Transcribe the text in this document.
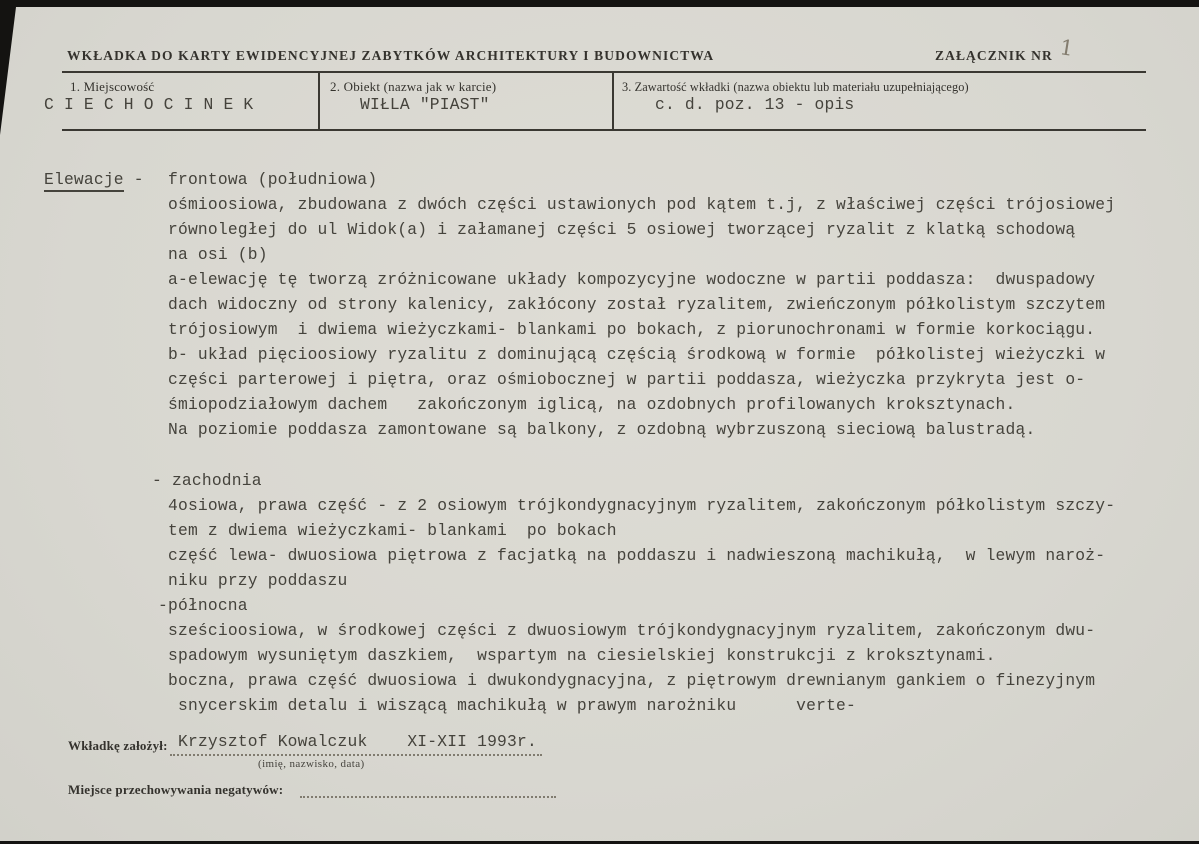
WKŁADKA DO KARTY EWIDENCYJNEJ ZABYTKÓW ARCHITEKTURY I BUDOWNICTWA	ZAŁĄCZNIK NR 1
1. Miejscowość
C I E C H O C I N E K
2. Obiekt (nazwa jak w karcie)
WIŁLA "PIAST"
3. Zawartość wkładki (nazwa obiektu lub materiału uzupełniającego)
c. d. poz. 13 - opis
Elewacje -	frontowa (południowa)
ośmioosiowa, zbudowana z dwóch części ustawionych pod kątem t.j, z właściwej części trójosiowej
równoległej do ul Widok(a) i załamanej części 5 osiowej tworzącej ryzalit z klatką schodową
na osi (b)
a-elewację tę tworzą zróżnicowane układy kompozycyjne wodoczne w partii poddasza:  dwuspadowy
dach widoczny od strony kalenicy, zakłócony został ryzalitem, zwieńczonym półkolistym szczytem
trójosiowym  i dwiema wieżyczkami- blankami po bokach, z piorunochronami w formie korkociągu.
b- układ pięcioosiowy ryzalitu z dominującą częścią środkową w formie  półkolistej wieżyczki w
części parterowej i piętra, oraz ośmiobocznej w partii poddasza, wieżyczka przykryta jest o-
śmiopodziałowym dachem   zakończonym iglicą, na ozdobnych profilowanych kroksztynach.
Na poziomie poddasza zamontowane są balkony, z ozdobną wybrzuszoną sieciową balustradą.
- zachodnia
4osiowa, prawa część - z 2 osiowym trójkondygnacyjnym ryzalitem, zakończonym półkolistym szczy-
tem z dwiema wieżyczkami- blankami  po bokach
część lewa- dwuosiowa piętrowa z facjatką na poddaszu i nadwieszoną machikułą,  w lewym naroż-
niku przy poddaszu
-północna
sześcioosiowa, w środkowej części z dwuosiowym trójkondygnacyjnym ryzalitem, zakończonym dwu-
spadowym wysuniętym daszkiem,  wspartym na ciesielskiej konstrukcji z kroksztynami.
boczna, prawa część dwuosiowa i dwukondygnacyjna, z piętrowym drewnianym gankiem o finezyjnym
snycerskim detalu i wiszącą machikułą w prawym narożniku      verte-
Wkładkę założył: Krzysztof Kowalczuk    XI-XII 1993r.
(imię, nazwisko, data)
Miejsce przechowywania negatywów:
